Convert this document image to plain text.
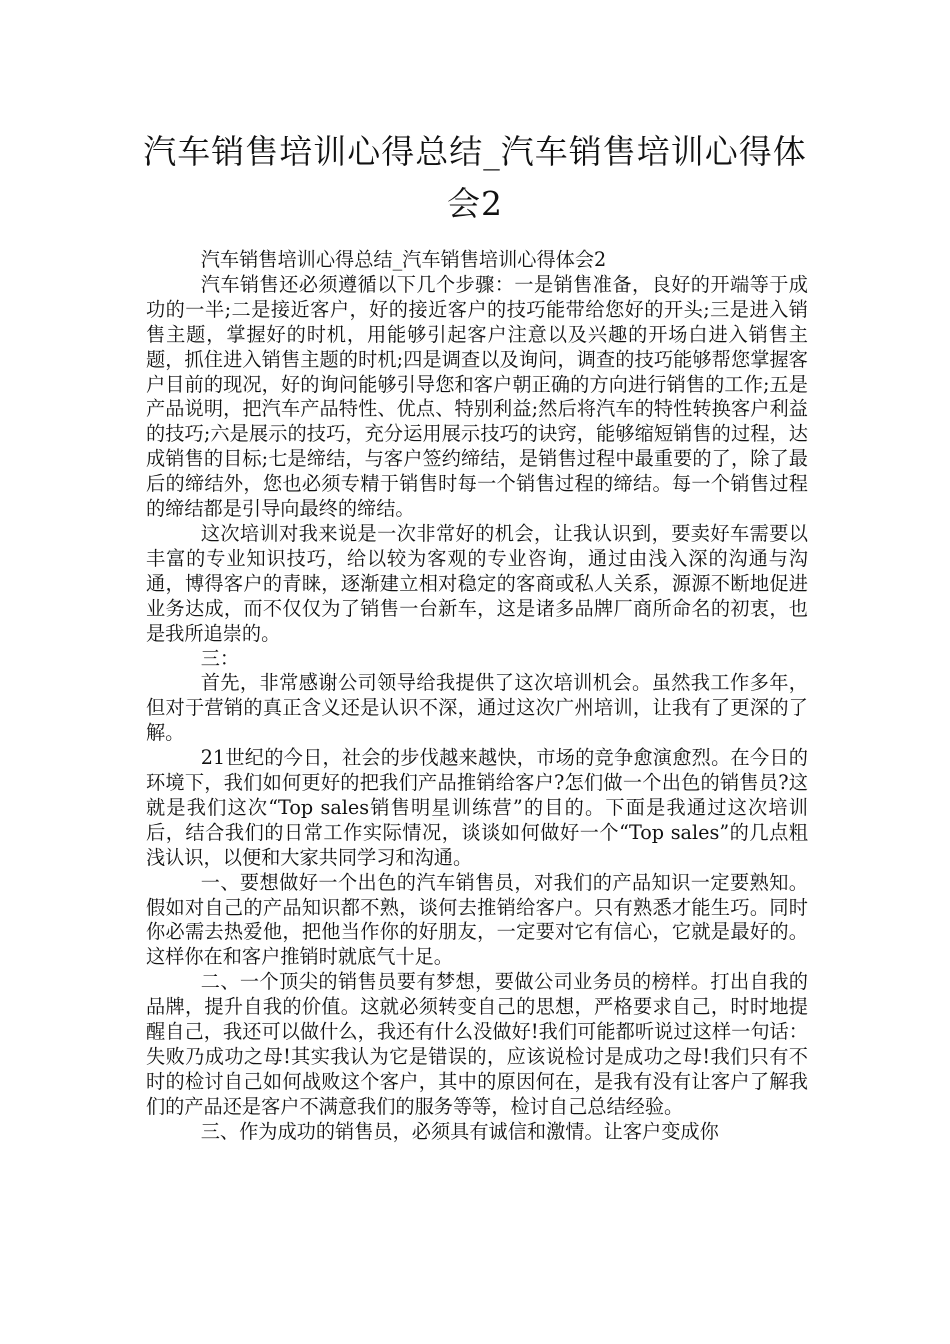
汽车销售培训心得总结_汽车销售培训心得体会2

汽车销售培训心得总结_汽车销售培训心得体会2

汽车销售还必须遵循以下几个步骤：一是销售准备，良好的开端等于成功的一半;二是接近客户，好的接近客户的技巧能带给您好的开头;三是进入销售主题，掌握好的时机，用能够引起客户注意以及兴趣的开场白进入销售主题，抓住进入销售主题的时机;四是调查以及询问，调查的技巧能够帮您掌握客户目前的现况，好的询问能够引导您和客户朝正确的方向进行销售的工作;五是产品说明，把汽车产品特性、优点、特别利益;然后将汽车的特性转换客户利益的技巧;六是展示的技巧，充分运用展示技巧的诀窍，能够缩短销售的过程，达成销售的目标;七是缔结，与客户签约缔结，是销售过程中最重要的了，除了最后的缔结外，您也必须专精于销售时每一个销售过程的缔结。每一个销售过程的缔结都是引导向最终的缔结。

这次培训对我来说是一次非常好的机会，让我认识到，要卖好车需要以丰富的专业知识技巧，给以较为客观的专业咨询，通过由浅入深的沟通与沟通，博得客户的青睐，逐渐建立相对稳定的客商或私人关系，源源不断地促进业务达成，而不仅仅为了销售一台新车，这是诸多品牌厂商所命名的初衷，也是我所追崇的。

三：

首先，非常感谢公司领导给我提供了这次培训机会。虽然我工作多年，但对于营销的真正含义还是认识不深，通过这次广州培训，让我有了更深的了解。

21世纪的今日，社会的步伐越来越快，市场的竞争愈演愈烈。在今日的环境下，我们如何更好的把我们产品推销给客户?怎们做一个出色的销售员?这就是我们这次“Top sales销售明星训练营”的目的。下面是我通过这次培训后，结合我们的日常工作实际情况，谈谈如何做好一个“Top sales”的几点粗浅认识，以便和大家共同学习和沟通。

一、要想做好一个出色的汽车销售员，对我们的产品知识一定要熟知。假如对自己的产品知识都不熟，谈何去推销给客户。只有熟悉才能生巧。同时你必需去热爱他，把他当作你的好朋友，一定要对它有信心，它就是最好的。这样你在和客户推销时就底气十足。

二、一个顶尖的销售员要有梦想，要做公司业务员的榜样。打出自我的品牌，提升自我的价值。这就必须转变自己的思想，严格要求自己，时时地提醒自己，我还可以做什么，我还有什么没做好!我们可能都听说过这样一句话：失败乃成功之母!其实我认为它是错误的，应该说检讨是成功之母!我们只有不时的检讨自己如何战败这个客户，其中的原因何在，是我有没有让客户了解我们的产品还是客户不满意我们的服务等等，检讨自己总结经验。

三、作为成功的销售员，必须具有诚信和激情。让客户变成你
